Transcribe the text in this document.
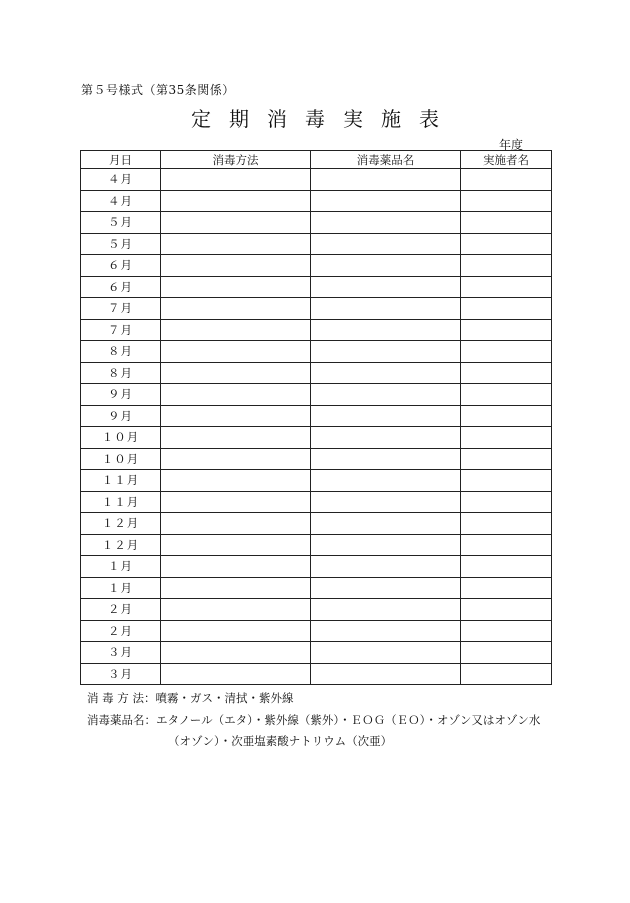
第５号様式（第35条関係）
定期消毒実施表
年度
月日	消毒方法	消毒薬品名	実施者名
４月			
４月			
５月			
５月			
６月			
６月			
７月			
７月			
８月			
８月			
９月			
９月			
１０月			
１０月			
１１月			
１１月			
１２月			
１２月			
１月			
１月			
２月			
２月			
３月			
３月			
消 毒 方 法：噴霧・ガス・清拭・紫外線
消毒薬品名：エタノール（エタ）・紫外線（紫外）・ＥＯＧ（ＥＯ）・オゾン又はオゾン水
（オゾン）・次亜塩素酸ナトリウム（次亜）
